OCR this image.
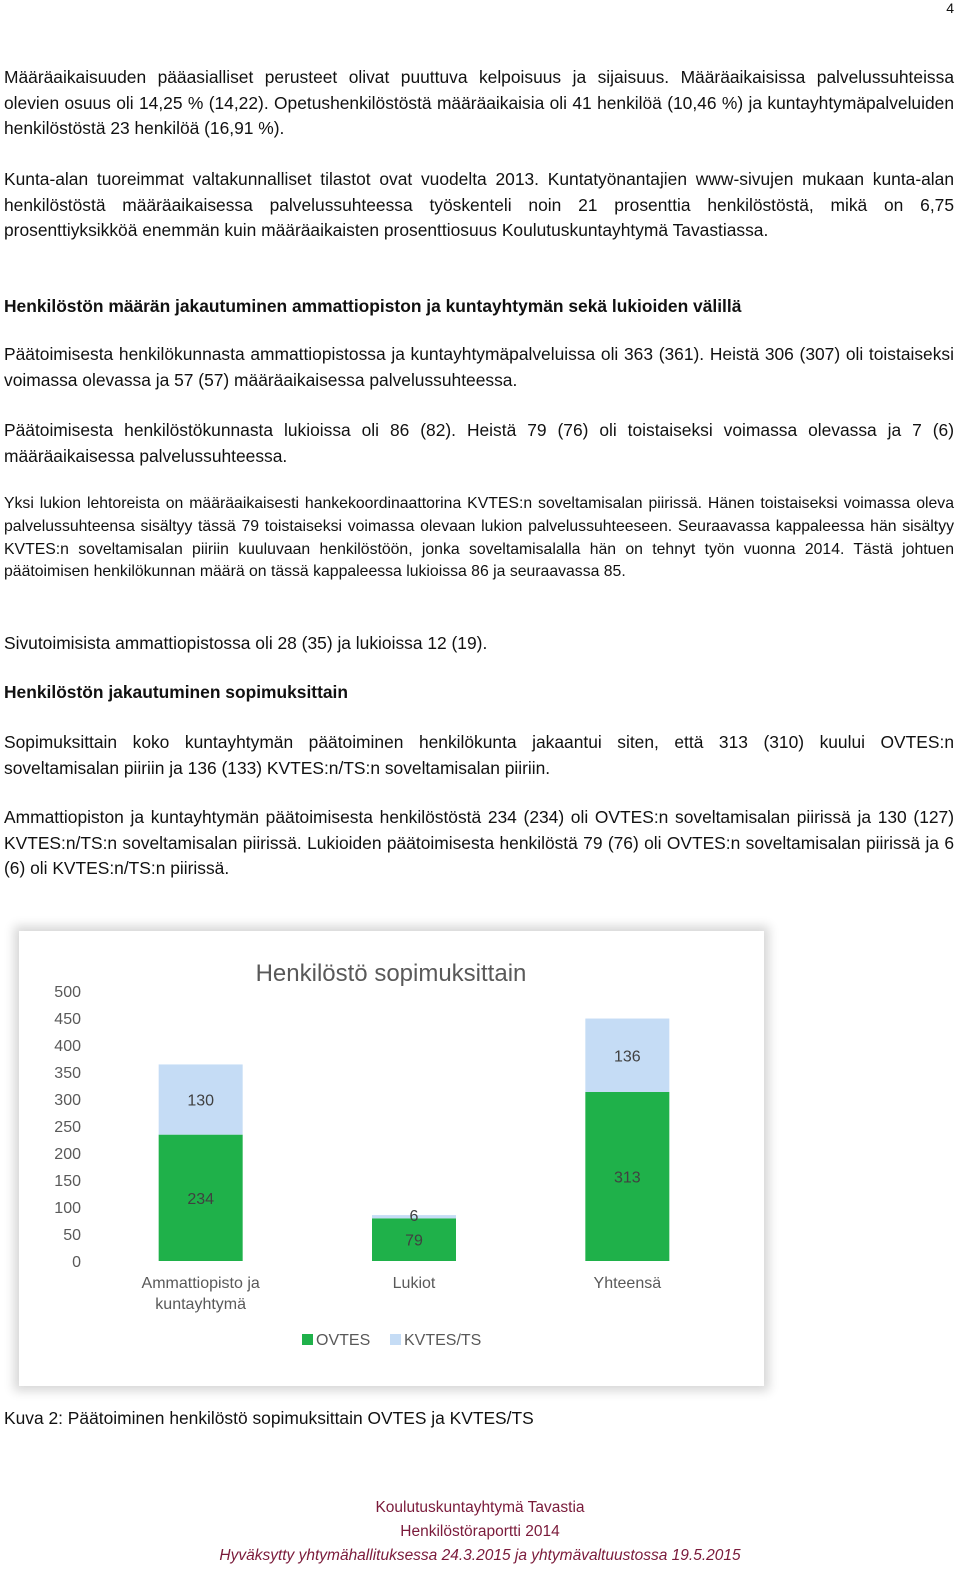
4

Määräaikaisuuden pääasialliset perusteet olivat puuttuva kelpoisuus ja sijaisuus. Määräaikaisissa palvelussuhteissa olevien osuus oli 14,25 % (14,22). Opetushenkilöstöstä määräaikaisia oli 41 henkilöä (10,46 %) ja kuntayhtymäpalveluiden henkilöstöstä 23 henkilöä (16,91 %).

Kunta-alan tuoreimmat valtakunnalliset tilastot ovat vuodelta 2013. Kuntatyönantajien www-sivujen mukaan kunta-alan henkilöstöstä määräaikaisessa palvelussuhteessa työskenteli noin 21 prosenttia henkilöstöstä, mikä on 6,75 prosenttiyksikköä enemmän kuin määräaikaisten prosenttiosuus Koulutuskuntayhtymä Tavastiassa.

Henkilöstön määrän jakautuminen ammattiopiston ja kuntayhtymän sekä lukioiden välillä

Päätoimisesta henkilökunnasta ammattiopistossa ja kuntayhtymäpalveluissa oli 363 (361). Heistä 306 (307) oli toistaiseksi voimassa olevassa ja 57 (57) määräaikaisessa palvelussuhteessa.

Päätoimisesta henkilöstökunnasta lukioissa oli 86 (82). Heistä 79 (76) oli toistaiseksi voimassa olevassa ja 7 (6) määräaikaisessa palvelussuhteessa.

Yksi lukion lehtoreista on määräaikaisesti hankekoordinaattorina KVTES:n soveltamisalan piirissä. Hänen toistaiseksi voimassa oleva palvelussuhteensa sisältyy tässä 79 toistaiseksi voimassa olevaan lukion palvelussuhteeseen. Seuraavassa kappaleessa hän sisältyy KVTES:n soveltamisalan piiriin kuuluvaan henkilöstöön, jonka soveltamisalalla hän on tehnyt työn vuonna 2014. Tästä johtuen päätoimisen henkilökunnan määrä on tässä kappaleessa lukioissa 86 ja seuraavassa 85.

Sivutoimisista ammattiopistossa oli 28 (35) ja lukioissa 12 (19).

Henkilöstön jakautuminen sopimuksittain

Sopimuksittain koko kuntayhtymän päätoiminen henkilökunta jakaantui siten, että 313 (310) kuului OVTES:n soveltamisalan piiriin ja 136 (133) KVTES:n/TS:n soveltamisalan piiriin.

Ammattiopiston ja kuntayhtymän päätoimisesta henkilöstöstä 234 (234) oli OVTES:n soveltamisalan piirissä ja 130 (127) KVTES:n/TS:n soveltamisalan piirissä. Lukioiden päätoimisesta henkilöstä 79 (76) oli OVTES:n soveltamisalan piirissä ja 6 (6) oli KVTES:n/TS:n piirissä.

Henkilöstö sopimuksittain
0
50
100
150
200
250
300
350
400
450
500
234
130
Ammattiopisto ja
kuntayhtymä
79
6
Lukiot
313
136
Yhteensä
OVTES KVTES/TS

Kuva 2: Päätoiminen henkilöstö sopimuksittain OVTES ja KVTES/TS

Koulutuskuntayhtymä Tavastia
Henkilöstöraportti 2014
Hyväksytty yhtymähallituksessa 24.3.2015 ja yhtymävaltuustossa 19.5.2015
